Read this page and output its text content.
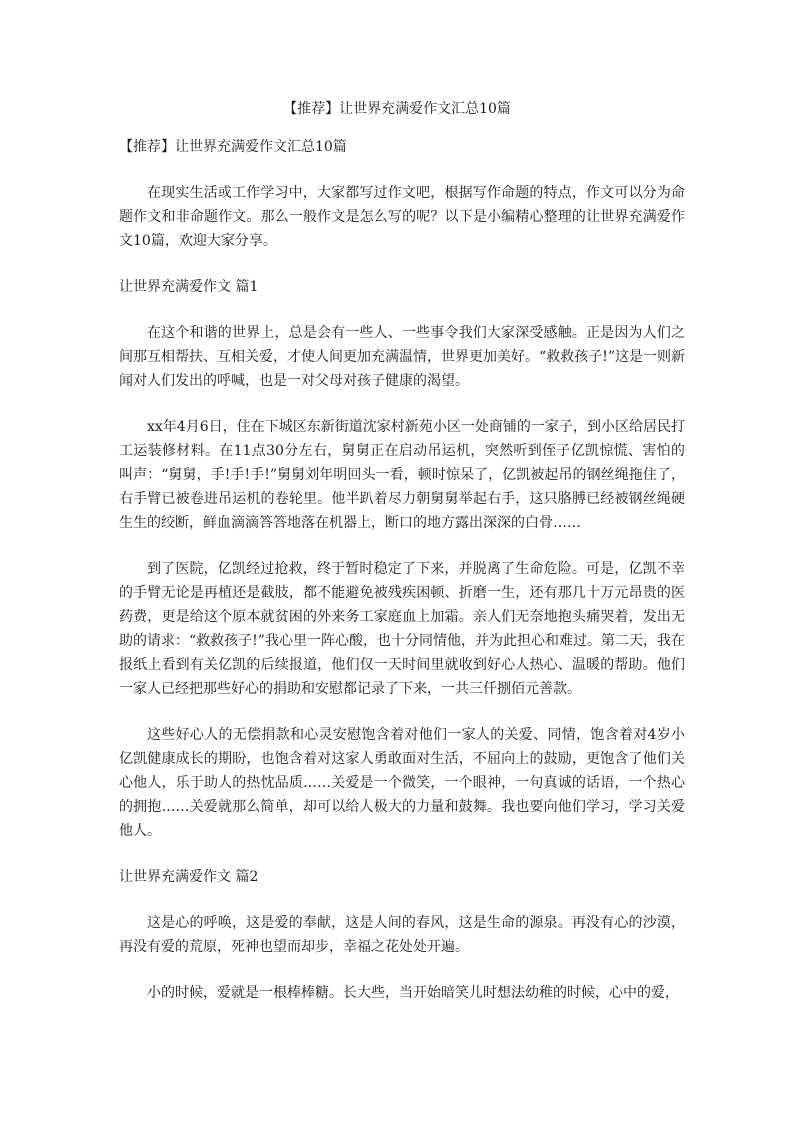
【推荐】让世界充满爱作文汇总10篇
【推荐】让世界充满爱作文汇总10篇

在现实生活或工作学习中，大家都写过作文吧，根据写作命题的特点，作文可以分为命题作文和非命题作文。那么一般作文是怎么写的呢？以下是小编精心整理的让世界充满爱作文10篇，欢迎大家分享。

让世界充满爱作文 篇1

在这个和谐的世界上，总是会有一些人、一些事令我们大家深受感触。正是因为人们之间那互相帮扶、互相关爱，才使人间更加充满温情，世界更加美好。“救救孩子!”这是一则新闻对人们发出的呼喊，也是一对父母对孩子健康的渴望。

xx年4月6日，住在下城区东新街道沈家村新苑小区一处商铺的一家子，到小区给居民打工运装修材料。在11点30分左右，舅舅正在启动吊运机，突然听到侄子亿凯惊慌、害怕的叫声：“舅舅，手!手!手!”舅舅刘年明回头一看，顿时惊呆了，亿凯被起吊的钢丝绳拖住了，右手臂已被卷进吊运机的卷轮里。他半趴着尽力朝舅舅举起右手，这只胳膊已经被钢丝绳硬生生的绞断，鲜血滴滴答答地落在机器上，断口的地方露出深深的白骨……

到了医院，亿凯经过抢救，终于暂时稳定了下来，并脱离了生命危险。可是，亿凯不幸的手臂无论是再植还是截肢，都不能避免被残疾困顿、折磨一生，还有那几十万元昂贵的医药费，更是给这个原本就贫困的外来务工家庭血上加霜。亲人们无奈地抱头痛哭着，发出无助的请求：“救救孩子!”我心里一阵心酸，也十分同情他，并为此担心和难过。第二天，我在报纸上看到有关亿凯的后续报道，他们仅一天时间里就收到好心人热心、温暖的帮助。他们一家人已经把那些好心的捐助和安慰都记录了下来，一共三仟捌佰元善款。

这些好心人的无偿捐款和心灵安慰饱含着对他们一家人的关爱、同情，饱含着对4岁小亿凯健康成长的期盼，也饱含着对这家人勇敢面对生活，不屈向上的鼓励，更饱含了他们关心他人，乐于助人的热忱品质……关爱是一个微笑，一个眼神，一句真诚的话语，一个热心的拥抱……关爱就那么简单，却可以给人极大的力量和鼓舞。我也要向他们学习，学习关爱他人。

让世界充满爱作文 篇2

这是心的呼唤，这是爱的奉献，这是人间的春风，这是生命的源泉。再没有心的沙漠，再没有爱的荒原，死神也望而却步，幸福之花处处开遍。

小的时候，爱就是一根棒棒糖。长大些，当开始暗笑儿时想法幼稚的时候，心中的爱，
